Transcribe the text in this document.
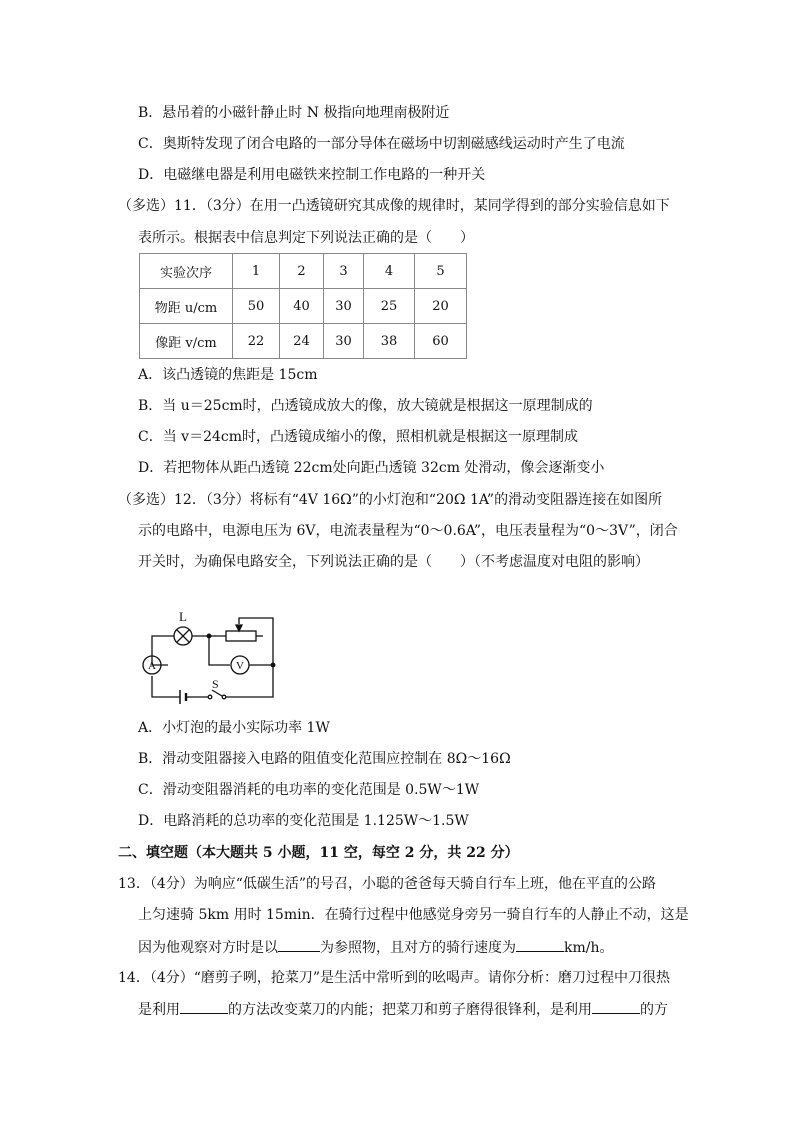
B．悬吊着的小磁针静止时 N 极指向地理南极附近
C．奥斯特发现了闭合电路的一部分导体在磁场中切割磁感线运动时产生了电流
D．电磁继电器是利用电磁铁来控制工作电路的一种开关
（多选）11．（3分）在用一凸透镜研究其成像的规律时，某同学得到的部分实验信息如下
表所示。根据表中信息判定下列说法正确的是（　　）
实验次序	1	2	3	4	5
物距 u/cm	50	40	30	25	20
像距 v/cm	22	24	30	38	60
A．该凸透镜的焦距是 15cm
B．当 u＝25cm时，凸透镜成放大的像，放大镜就是根据这一原理制成的
C．当 v＝24cm时，凸透镜成缩小的像，照相机就是根据这一原理制成
D．若把物体从距凸透镜 22cm处向距凸透镜 32cm 处滑动，像会逐渐变小
（多选）12．（3分）将标有“4V 16Ω”的小灯泡和“20Ω 1A”的滑动变阻器连接在如图所
示的电路中，电源电压为 6V，电流表量程为“0～0.6A”，电压表量程为“0～3V”，闭合
开关时，为确保电路安全，下列说法正确的是（　　）（不考虑温度对电阻的影响）
L
A	V
S
A．小灯泡的最小实际功率 1W
B．滑动变阻器接入电路的阻值变化范围应控制在 8Ω～16Ω
C．滑动变阻器消耗的电功率的变化范围是 0.5W～1W
D．电路消耗的总功率的变化范围是 1.125W～1.5W
二、填空题（本大题共 5 小题，11 空，每空 2 分，共 22 分）
13．（4分）为响应“低碳生活”的号召，小聪的爸爸每天骑自行车上班，他在平直的公路
上匀速骑 5km 用时 15min．在骑行过程中他感觉身旁另一骑自行车的人静止不动，这是
因为他观察对方时是以	为参照物，且对方的骑行速度为	km/h。
14．（4分）“磨剪子咧，抢菜刀”是生活中常听到的吆喝声。请你分析：磨刀过程中刀很热
是利用	的方法改变菜刀的内能；把菜刀和剪子磨得很锋利，是利用	的方
